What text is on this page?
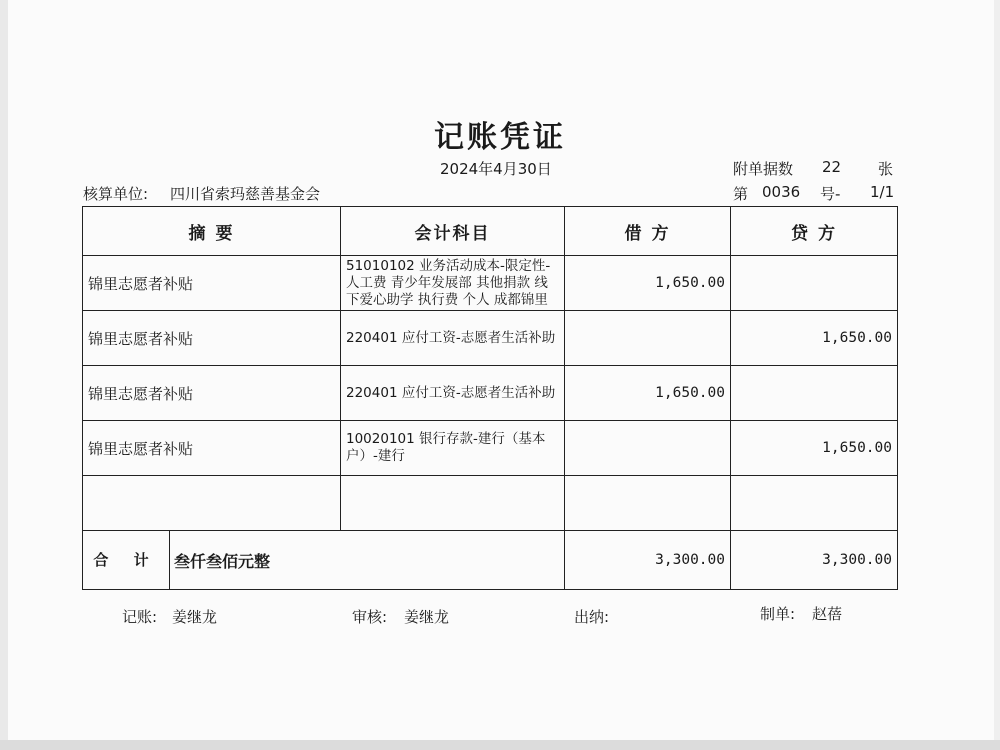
记账凭证
2024年4月30日	附单据数 22 张
核算单位: 四川省索玛慈善基金会	第 0036 号- 1/1
摘 要	会计科目	借 方	贷 方
锦里志愿者补贴	51010102 业务活动成本-限定性-人工费 青少年发展部 其他捐款 线下爱心助学 执行费 个人 成都锦里	1,650.00	
锦里志愿者补贴	220401 应付工资-志愿者生活补助		1,650.00
锦里志愿者补贴	220401 应付工资-志愿者生活补助	1,650.00	
锦里志愿者补贴	10020101 银行存款-建行（基本户）-建行		1,650.00

合 计 叁仟叁佰元整		3,300.00	3,300.00
记账: 姜继龙	审核: 姜继龙	出纳:	制单: 赵蓓
